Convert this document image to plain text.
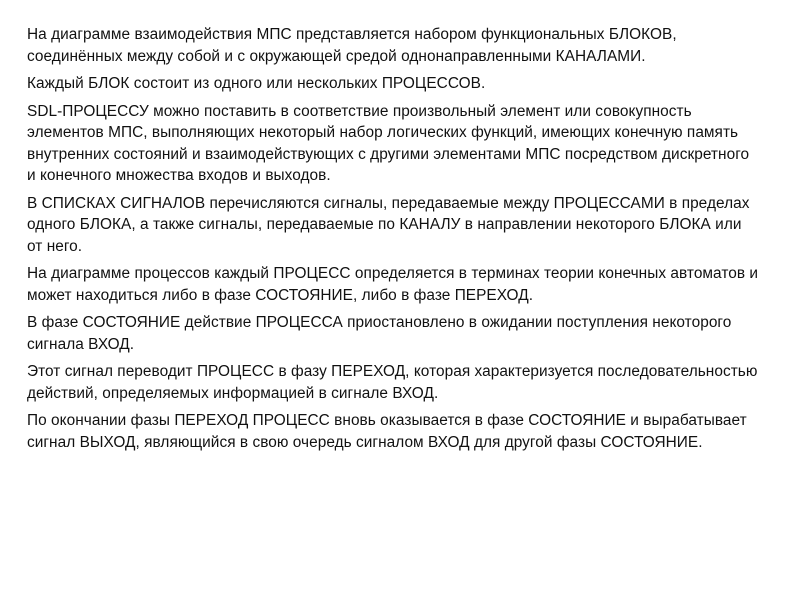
На диаграмме взаимодействия МПС представляется набором функциональных БЛОКОВ, соединённых между собой и с окружающей средой однонаправленными КАНАЛАМИ.

Каждый БЛОК состоит из одного или нескольких ПРОЦЕССОВ.

SDL-ПРОЦЕССУ можно поставить в соответствие произвольный элемент или совокупность элементов МПС, выполняющих некоторый набор логических функций, имеющих конечную память внутренних состояний и взаимодействующих с другими элементами МПС посредством дискретного и конечного множества входов и выходов.

В СПИСКАХ СИГНАЛОВ перечисляются сигналы, передаваемые между ПРОЦЕССАМИ в пределах одного БЛОКА, а также сигналы, передаваемые по КАНАЛУ в направлении некоторого БЛОКА или от него.

На диаграмме процессов каждый ПРОЦЕСС определяется в терминах теории конечных автоматов и может находиться либо в фазе СОСТОЯНИЕ, либо в фазе ПЕРЕХОД.

В фазе СОСТОЯНИЕ действие ПРОЦЕССА приостановлено в ожидании поступления некоторого сигнала ВХОД.

Этот сигнал переводит ПРОЦЕСС в фазу ПЕРЕХОД, которая характеризуется последовательностью действий, определяемых информацией в сигнале ВХОД.

По окончании фазы ПЕРЕХОД ПРОЦЕСС вновь оказывается в фазе СОСТОЯНИЕ и вырабатывает сигнал ВЫХОД, являющийся в свою очередь сигналом ВХОД для другой фазы СОСТОЯНИЕ.
